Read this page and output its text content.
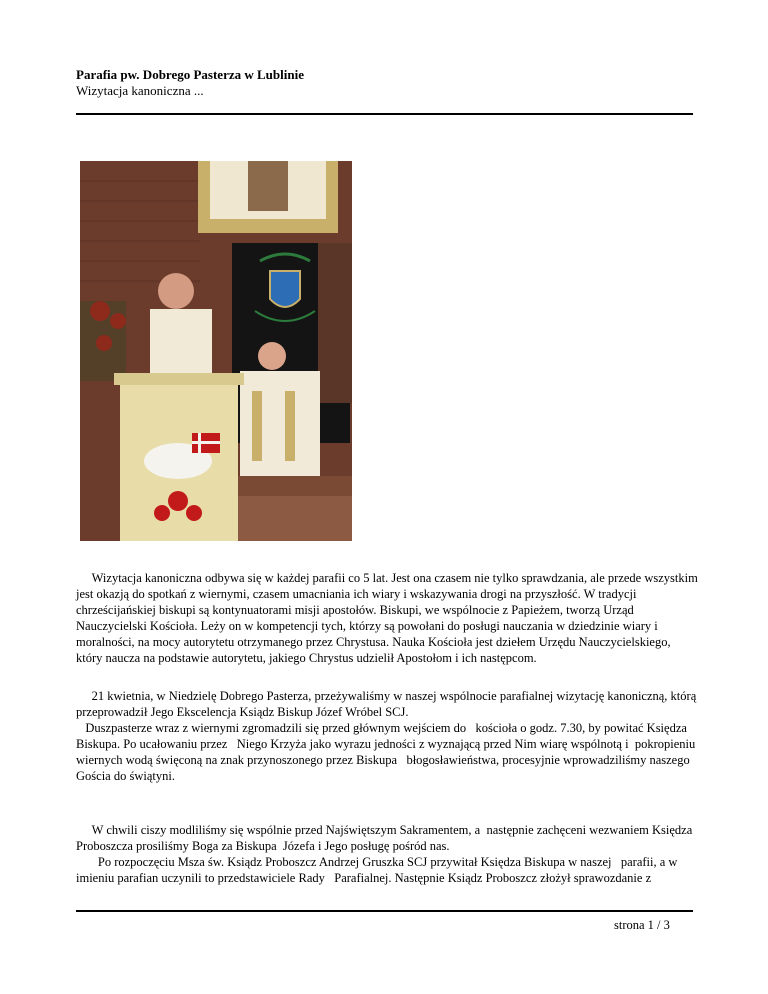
Parafia pw. Dobrego Pasterza w Lublinie
Wizytacja kanoniczna ...

Wizytacja kanoniczna odbywa się w każdej parafii co 5 lat. Jest ona czasem nie tylko sprawdzania, ale przede wszystkim jest okazją do spotkań z wiernymi, czasem umacniania ich wiary i wskazywania drogi na przyszłość. W tradycji chrześcijańskiej biskupi są kontynuatorami misji apostołów. Biskupi, we wspólnocie z Papieżem, tworzą Urząd Nauczycielski Kościoła. Leży on w kompetencji tych, którzy są powołani do posługi nauczania w dziedzinie wiary i moralności, na mocy autorytetu otrzymanego przez Chrystusa. Nauka Kościoła jest dziełem Urzędu Nauczycielskiego, który naucza na podstawie autorytetu, jakiego Chrystus udzielił Apostołom i ich następcom.

21 kwietnia, w Niedzielę Dobrego Pasterza, przeżywaliśmy w naszej wspólnocie parafialnej wizytację kanoniczną, którą przeprowadził Jego Ekscelencja Ksiądz Biskup Józef Wróbel SCJ.

Duszpasterze wraz z wiernymi zgromadzili się przed głównym wejściem do   kościoła o godz. 7.30, by powitać Księdza Biskupa. Po ucałowaniu przez   Niego Krzyża jako wyrazu jedności z wyznającą przed Nim wiarę wspólnotą i  pokropieniu wiernych wodą święconą na znak przynoszonego przez Biskupa   błogosławieństwa, procesyjnie wprowadziliśmy naszego Gościa do świątyni.

W chwili ciszy modliliśmy się wspólnie przed Najświętszym Sakramentem, a  następnie zachęceni wezwaniem Księdza Proboszcza prosiliśmy Boga za Biskupa  Józefa i Jego posługę pośród nas.

Po rozpoczęciu Msza św. Ksiądz Proboszcz Andrzej Gruszka SCJ przywitał Księdza Biskupa w naszej   parafii, a w imieniu parafian uczynili to przedstawiciele Rady   Parafialnej. Następnie Ksiądz Proboszcz złożył sprawozdanie z

strona 1 / 3
